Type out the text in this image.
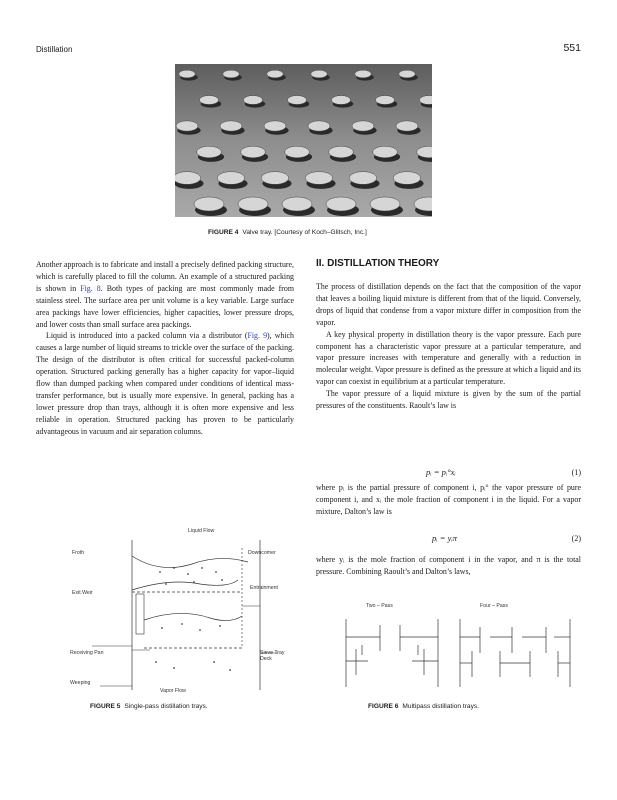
Distillation	551
FIGURE 4 Valve tray. [Courtesy of Koch–Glitsch, Inc.]

Another approach is to fabricate and install a precisely defined packing structure, which is carefully placed to fill the column. An example of a structured packing is shown in Fig. 8. Both types of packing are most commonly made from stainless steel. The surface area per unit volume is a key variable. Large surface area packings have lower efficiencies, higher capacities, lower pressure drops, and lower costs than small surface area packings.

Liquid is introduced into a packed column via a distributor (Fig. 9), which causes a large number of liquid streams to trickle over the surface of the packing. The design of the distributor is often critical for successful packed-column operation. Structured packing generally has a higher capacity for vapor–liquid flow than dumped packing when compared under conditions of identical mass-transfer performance, but is usually more expensive. In general, packing has a lower pressure drop than trays, although it is often more expensive and less reliable in operation. Structured packing has proven to be particularly advantageous in vacuum and air separation columns.

Liquid Flow
Froth	Downcomer
Exit Weir
Entrainment
Receiving Pan	Sieve Tray Deck
Weeping
Vapor Flow
FIGURE 5 Single-pass distillation trays.
II. DISTILLATION THEORY

The process of distillation depends on the fact that the composition of the vapor that leaves a boiling liquid mixture is different from that of the liquid. Conversely, drops of liquid that condense from a vapor mixture differ in composition from the vapor.

A key physical property in distillation theory is the vapor pressure. Each pure component has a characteristic vapor pressure at a particular temperature, and vapor pressure increases with temperature and generally with a reduction in molecular weight. Vapor pressure is defined as the pressure at which a liquid and its vapor can coexist in equilibrium at a particular temperature.

The vapor pressure of a liquid mixture is given by the sum of the partial pressures of the constituents. Raoult’s law is

pᵢ = pᵢ°xᵢ	(1)

where pᵢ is the partial pressure of component i, pᵢ° the vapor pressure of pure component i, and xᵢ the mole fraction of component i in the liquid. For a vapor mixture, Dalton’s law is

pᵢ = yᵢπ	(2)

where yᵢ is the mole fraction of component i in the vapor, and π is the total pressure. Combining Raoult’s and Dalton’s laws,

Two – Pass	Four – Pass
FIGURE 6 Multipass distillation trays.
